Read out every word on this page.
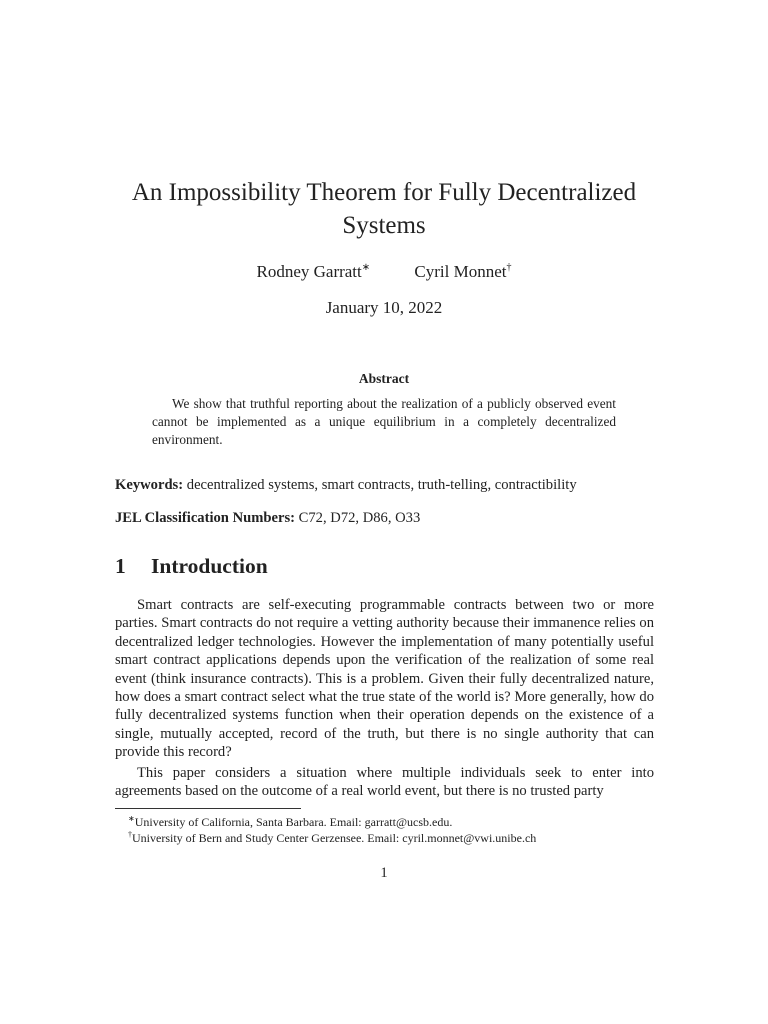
An Impossibility Theorem for Fully Decentralized Systems
Rodney Garratt∗	Cyril Monnet†
January 10, 2022
Abstract
We show that truthful reporting about the realization of a publicly observed event cannot be implemented as a unique equilibrium in a completely decentralized environment.
Keywords: decentralized systems, smart contracts, truth-telling, contractibility
JEL Classification Numbers: C72, D72, D86, O33
1 Introduction
Smart contracts are self-executing programmable contracts between two or more parties. Smart contracts do not require a vetting authority because their immanence relies on decentralized ledger technologies. However the implementation of many potentially useful smart contract applications depends upon the verification of the realization of some real event (think insurance contracts). This is a problem. Given their fully decentralized nature, how does a smart contract select what the true state of the world is? More generally, how do fully decentralized systems function when their operation depends on the existence of a single, mutually accepted, record of the truth, but there is no single authority that can provide this record?
This paper considers a situation where multiple individuals seek to enter into agreements based on the outcome of a real world event, but there is no trusted party
∗University of California, Santa Barbara. Email: garratt@ucsb.edu.
†University of Bern and Study Center Gerzensee. Email: cyril.monnet@vwi.unibe.ch
1
